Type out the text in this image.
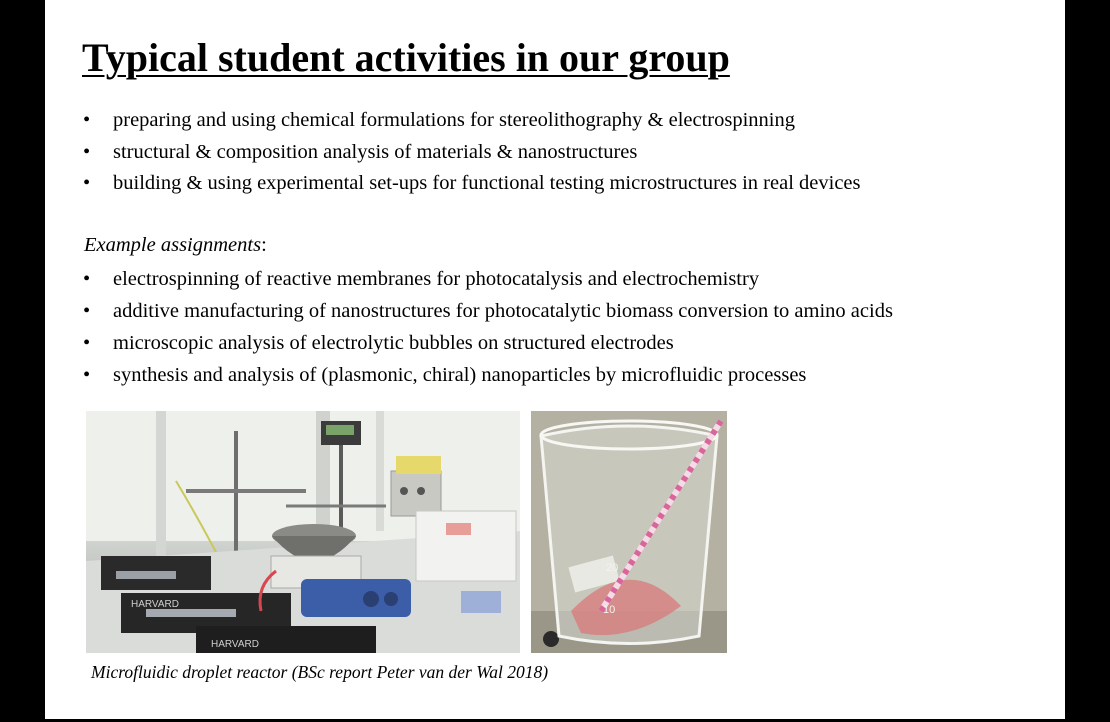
Typical student activities in our group
• preparing and using chemical formulations for stereolithography & electrospinning
• structural & composition analysis of materials & nanostructures
• building & using experimental set-ups for functional testing microstructures in real devices
Example assignments:
• electrospinning of reactive membranes for photocatalysis and electrochemistry
• additive manufacturing of nanostructures for photocatalytic biomass conversion to amino acids
• microscopic analysis of electrolytic bubbles on structured electrodes
• synthesis and analysis of (plasmonic, chiral) nanoparticles by microfluidic processes
HARVARD
HARVARD
20
10
Microfluidic droplet reactor (BSc report Peter van der Wal 2018)
